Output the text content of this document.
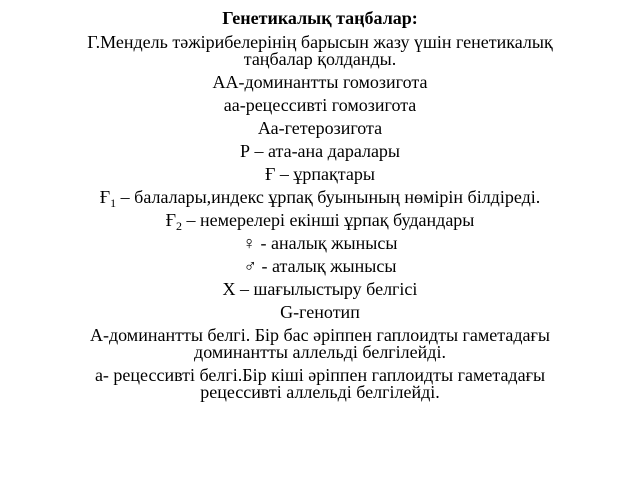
Генетикалық таңбалар:
Г.Мендель тәжірибелерінің барысын жазу үшін генетикалық
таңбалар қолданды.
АА-доминантты гомозигота
аа-рецессивті гомозигота
Аа-гетерозигота
Р – ата-ана даралары
Ғ – ұрпақтары
$Ғ_1$ – балалары,индекс ұрпақ буынының нөмірін білдіреді.
$Ғ_2$ – немерелері екінші ұрпақ будандары
♀ - аналық жынысы
♂ - аталық жынысы
Х – шағылыстыру белгісі
G-генотип
А-доминантты белгі. Бір бас әріппен гаплоидты гаметадағы
доминантты аллельді белгілейді.
а- рецессивті белгі.Бір кіші әріппен гаплоидты гаметадағы
рецессивті аллельді белгілейді.
